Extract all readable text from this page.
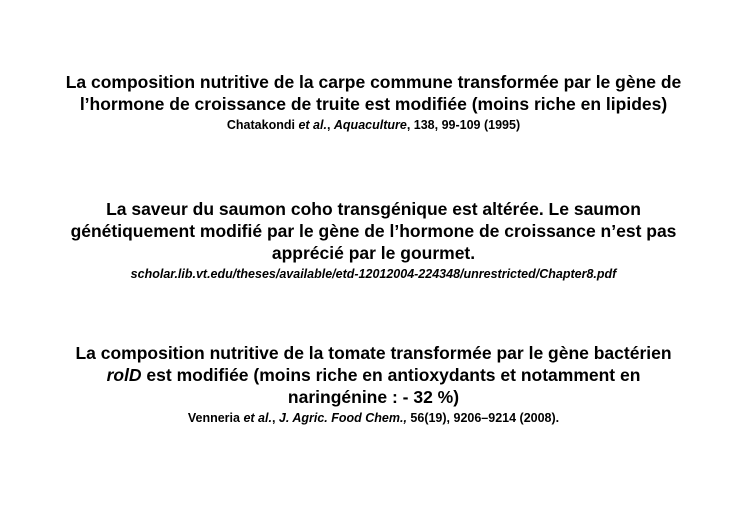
La composition nutritive de la carpe commune transformée par le gène de
l’hormone de croissance de truite est modifiée (moins riche en lipides)

Chatakondi et al., Aquaculture, 138, 99-109 (1995)

La saveur du saumon coho transgénique est altérée. Le saumon
génétiquement modifié par le gène de l’hormone de croissance n’est pas
apprécié par le gourmet.

scholar.lib.vt.edu/theses/available/etd-12012004-224348/unrestricted/Chapter8.pdf

La composition nutritive de la tomate transformée par le gène bactérien
rolD est modifiée (moins riche en antioxydants et notamment en
naringénine : - 32 %)

Venneria et al., J. Agric. Food Chem., 56(19), 9206–9214 (2008).
